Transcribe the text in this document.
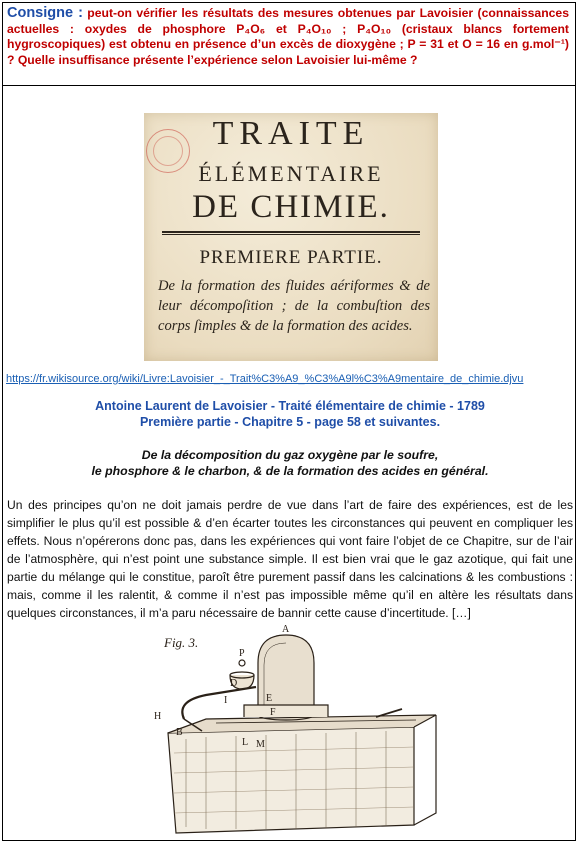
Consigne : peut-on vérifier les résultats des mesures obtenues par Lavoisier (connaissances actuelles : oxydes de phosphore P₄O₆ et P₄O₁₀ ; P₄O₁₀ (cristaux blancs fortement hygroscopiques) est obtenu en présence d’un excès de dioxygène ; P = 31 et O = 16 en g.mol⁻¹) ? Quelle insuffisance présente l’expérience selon Lavoisier lui-même ?
TRAITE
ÉLÉMENTAIRE
DE CHIMIE.
PREMIERE PARTIE.
De la formation des fluides aériformes & de leur décompoſition ; de la combuſtion des corps ſimples & de la formation des acides.
https://fr.wikisource.org/wiki/Livre:Lavoisier_-_Trait%C3%A9_%C3%A9l%C3%A9mentaire_de_chimie.djvu
Antoine Laurent de Lavoisier - Traité élémentaire de chimie - 1789
Première partie - Chapitre 5 - page 58 et suivantes.
De la décomposition du gaz oxygène par le soufre,
le phosphore & le charbon, & de la formation des acides en général.
Un des principes qu’on ne doit jamais perdre de vue dans l’art de faire des expériences, est de les simplifier le plus qu’il est possible & d’en écarter toutes les circonstances qui peuvent en compliquer les effets. Nous n’opérerons donc pas, dans les expériences qui vont faire l’objet de ce Chapitre, sur de l’air de l’atmosphère, qui n’est point une substance simple. Il est bien vrai que le gaz azotique, qui fait une partie du mélange qui le constitue, paroît être purement passif dans les calcinations & les combustions : mais, comme il les ralentit, & comme il n’est pas impossible même qu’il en altère les résultats dans quelques circonstances, il m’a paru nécessaire de bannir cette cause d’incertitude. […]
Fig. 3.
A
P
D
I	E
F
H
B
L M
